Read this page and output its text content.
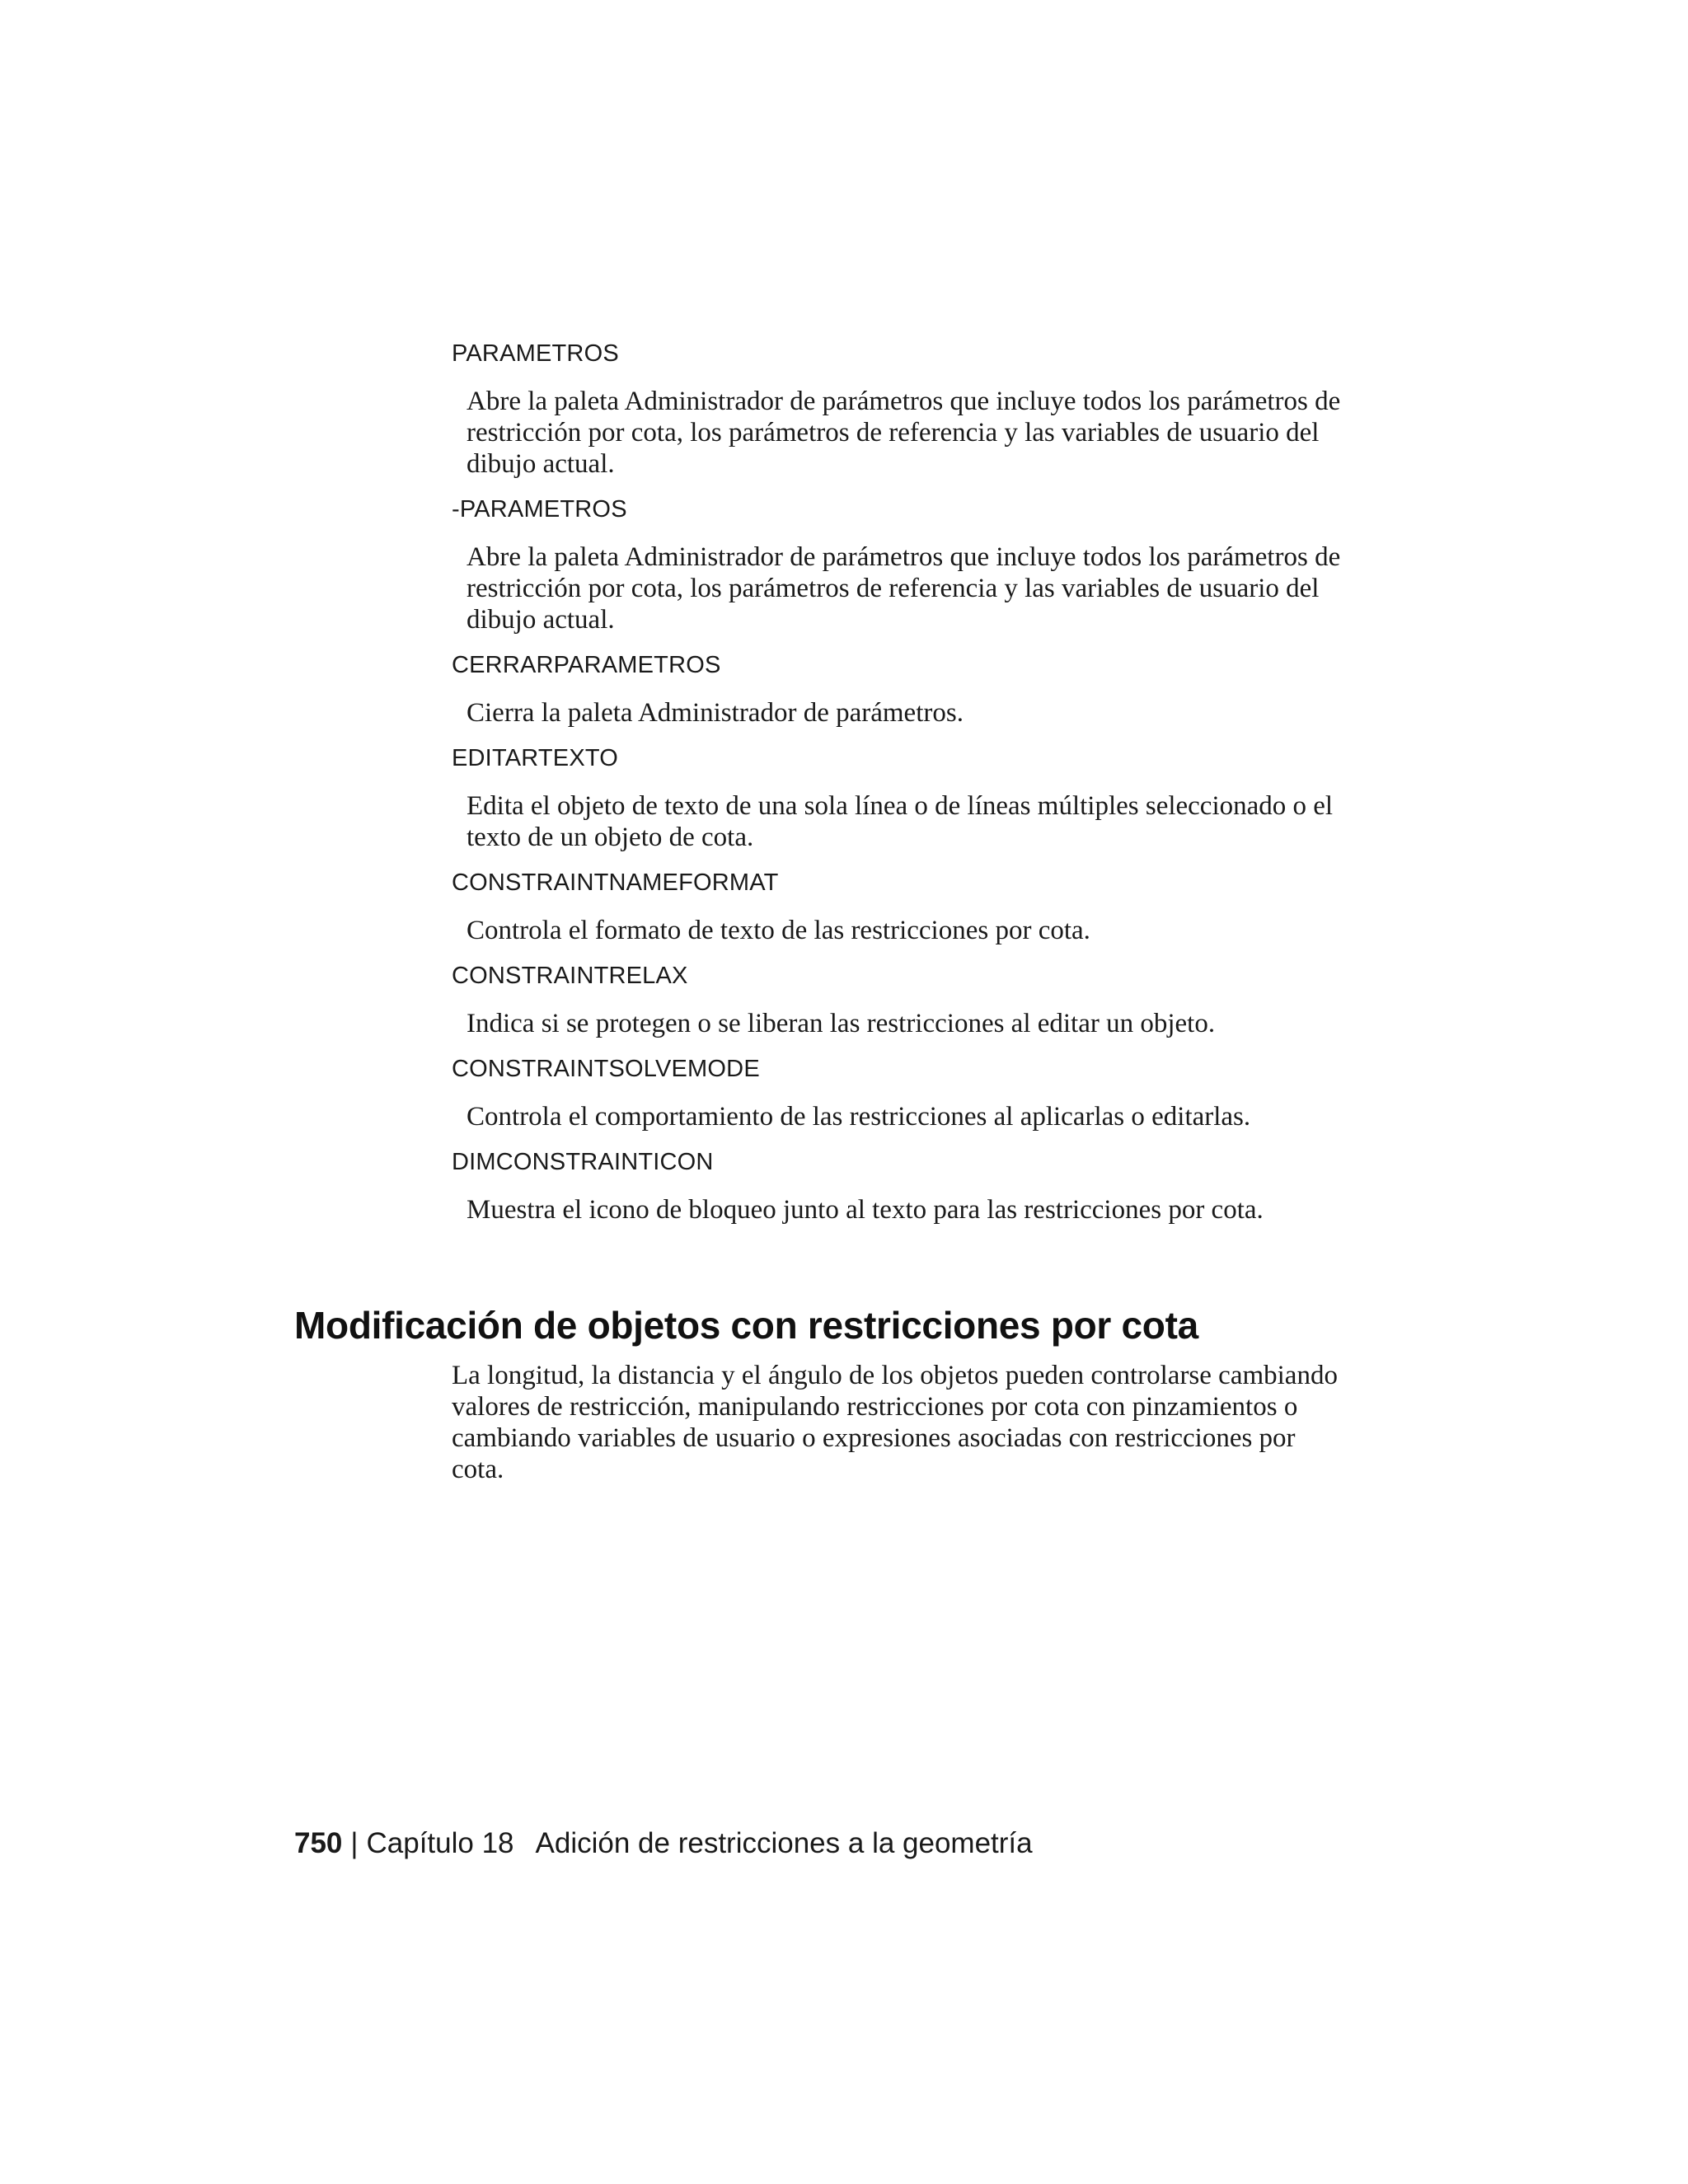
PARAMETROS

Abre la paleta Administrador de parámetros que incluye todos los parámetros de restricción por cota, los parámetros de referencia y las variables de usuario del dibujo actual.

-PARAMETROS

Abre la paleta Administrador de parámetros que incluye todos los parámetros de restricción por cota, los parámetros de referencia y las variables de usuario del dibujo actual.

CERRARPARAMETROS

Cierra la paleta Administrador de parámetros.

EDITARTEXTO

Edita el objeto de texto de una sola línea o de líneas múltiples seleccionado o el texto de un objeto de cota.

CONSTRAINTNAMEFORMAT

Controla el formato de texto de las restricciones por cota.

CONSTRAINTRELAX

Indica si se protegen o se liberan las restricciones al editar un objeto.

CONSTRAINTSOLVEMODE

Controla el comportamiento de las restricciones al aplicarlas o editarlas.

DIMCONSTRAINTICON

Muestra el icono de bloqueo junto al texto para las restricciones por cota.

Modificación de objetos con restricciones por cota

La longitud, la distancia y el ángulo de los objetos pueden controlarse cambiando valores de restricción, manipulando restricciones por cota con pinzamientos o cambiando variables de usuario o expresiones asociadas con restricciones por cota.

750 | Capítulo 18 Adición de restricciones a la geometría
